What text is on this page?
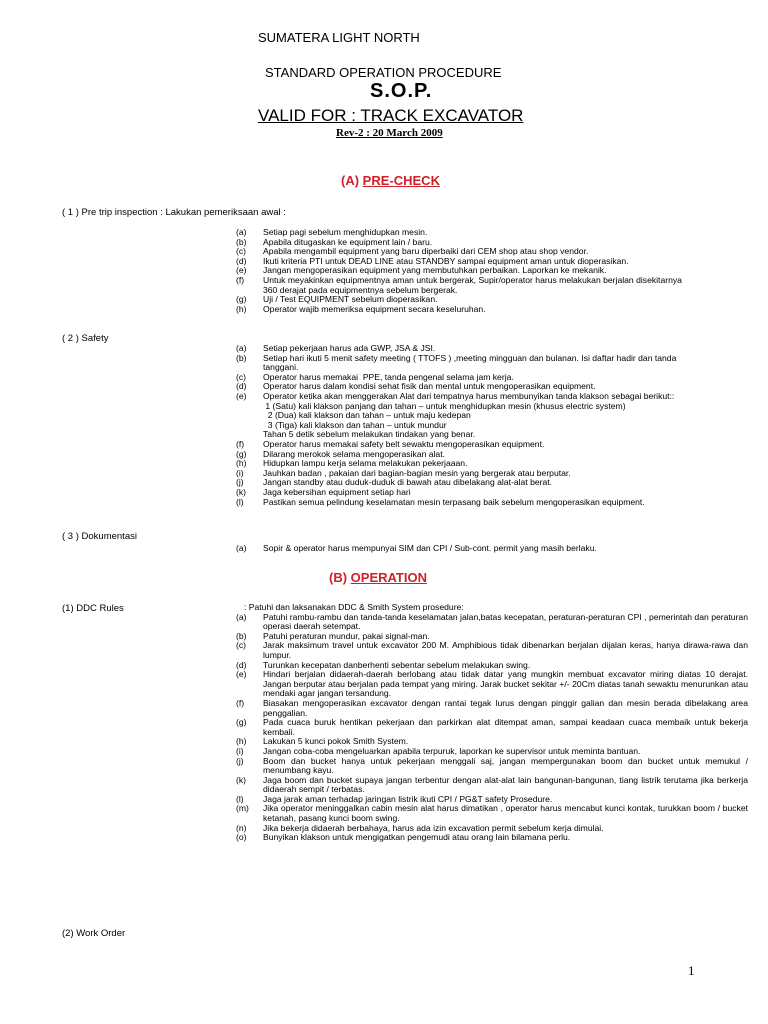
SUMATERA LIGHT NORTH
STANDARD OPERATION PROCEDURE
S.O.P.
VALID FOR : TRACK EXCAVATOR
Rev-2 : 20 March 2009
(A) PRE-CHECK
( 1 ) Pre trip inspection : Lakukan pemeriksaan awal :
(a) Setiap pagi sebelum menghidupkan mesin.
(b) Apabila ditugaskan ke equipment lain / baru.
(c) Apabila mengambil equipment yang baru diperbaiki dari CEM shop atau shop vendor.
(d) Ikuti kriteria PTI untuk DEAD LINE atau STANDBY sampai equipment aman untuk dioperasikan.
(e) Jangan mengoperasikan equipment yang membutuhkan perbaikan. Laporkan ke mekanik.
(f) Untuk meyakinkan equipmentnya aman untuk bergerak, Supir/operator harus melakukan berjalan disekitarnya
360 derajat pada equipmentnya sebelum bergerak.
(g) Uji / Test EQUIPMENT sebelum dioperasikan.
(h) Operator wajib memeriksa equipment secara keseluruhan.
( 2 ) Safety
(a) Setiap pekerjaan harus ada GWP, JSA & JSI.
(b) Setiap hari ikuti 5 menit safety meeting ( TTOFS ) ,meeting mingguan dan bulanan. Isi daftar hadir dan tanda
tanggani.
(c) Operator harus memakai  PPE, tanda pengenal selama jam kerja.
(d) Operator harus dalam kondisi sehat fisik dan mental untuk mengoperasikan equipment.
(e) Operator ketika akan menggerakan Alat dari tempatnya harus membunyikan tanda klakson sebagai berikut::
1 (Satu) kali klakson panjang dan tahan – untuk menghidupkan mesin (khusus electric system)
2 (Dua) kali klakson dan tahan – untuk maju kedepan
3 (Tiga) kali klakson dan tahan – untuk mundur
Tahan 5 detik sebelum melakukan tindakan yang benar.
(f) Operator harus memakai safety belt sewaktu mengoperasikan equipment.
(g) Dilarang merokok selama mengoperasikan alat.
(h) Hidupkan lampu kerja selama melakukan pekerjaaan.
(i) Jauhkan badan , pakaian dari bagian-bagian mesin yang bergerak atau berputar.
(j) Jangan standby atau duduk-duduk di bawah atau dibelakang alat-alat berat.
(k) Jaga kebersihan equipment setiap hari
(l) Pastikan semua pelindung keselamatan mesin terpasang baik sebelum mengoperasikan equipment.
( 3 ) Dokumentasi
(a) Sopir & operator harus mempunyai SIM dan CPI / Sub-cont. permit yang masih berlaku.
(B) OPERATION
(1) DDC Rules	: Patuhi dan laksanakan DDC & Smith System prosedure:
(a) Patuhi rambu-rambu dan tanda-tanda keselamatan jalan,batas kecepatan, peraturan-peraturan CPI , pemerintah dan peraturan operasi daerah setempat.
(b) Patuhi peraturan mundur, pakai signal-man.
(c) Jarak maksimum travel untuk excavator 200 M. Amphibious tidak dibenarkan berjalan dijalan keras, hanya dirawa-rawa dan lumpur.
(d) Turunkan kecepatan danberhenti sebentar sebelum melakukan swing.
(e) Hindari berjalan didaerah-daerah berlobang atau tidak datar yang mungkin membuat excavator miring diatas 10 derajat. Jangan berputar atau berjalan pada tempat yang miring. Jarak bucket sekitar +/- 20Cm diatas tanah sewaktu menurunkan atau mendaki agar jangan tersandung.
(f) Biasakan mengoperasikan excavator dengan rantai tegak lurus dengan pinggir galian dan mesin berada dibelakang area penggalian.
(g) Pada cuaca buruk hentikan pekerjaan dan parkirkan alat ditempat aman, sampai keadaan cuaca membaik untuk bekerja kembali.
(h) Lakukan 5 kunci pokok Smith System.
(i) Jangan coba-coba mengeluarkan apabila terpuruk, laporkan ke supervisor untuk meminta bantuan.
(j) Boom dan bucket hanya untuk pekerjaan menggali saj, jangan mempergunakan boom dan bucket untuk memukul / menumbang kayu.
(k) Jaga boom dan bucket supaya jangan terbentur dengan alat-alat lain bangunan-bangunan, tiang listrik terutama jika berkerja didaerah sempit / terbatas.
(l) Jaga jarak aman terhadap jaringan listrik ikuti CPI / PG&T safety Prosedure.
(m) Jika operator meninggalkan cabin mesin alat harus dimatikan , operator harus mencabut kunci kontak, turukkan boom / bucket ketanah, pasang kunci boom swing.
(n) Jika bekerja didaerah berbahaya, harus ada izin excavation permit sebelum kerja dimulai.
(o) Bunyikan klakson untuk mengigatkan pengemudi atau orang lain bilamana perlu.
(2) Work Order
1
